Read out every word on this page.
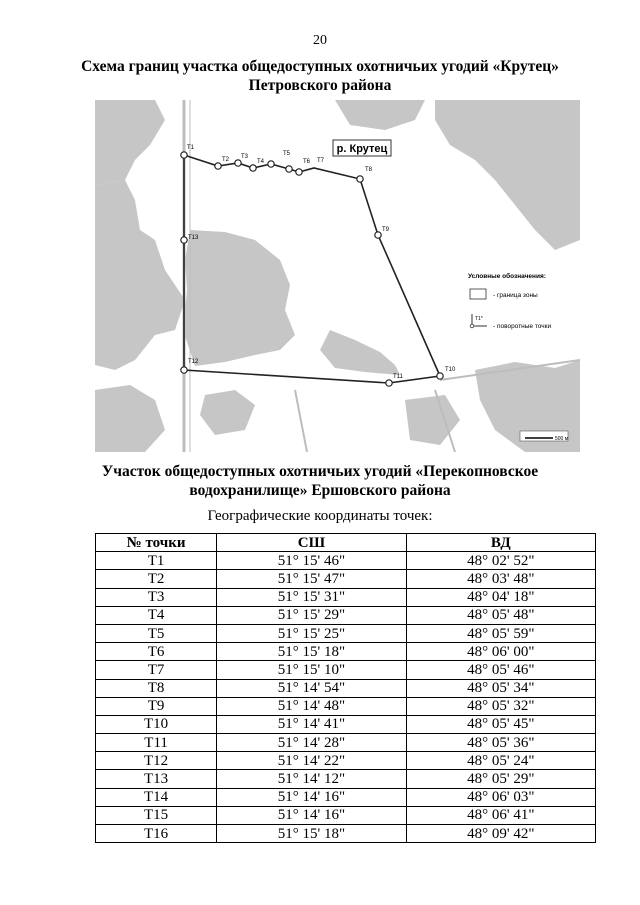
20
Схема границ участка общедоступных охотничьих угодий «Крутец»
Петровского района
Т1
Т2 Т3
Т4
Т5
Т6 Т7
Т8
Т9
Т10
Т11
Т12
Т13
р. Крутец
Условные обозначения:
- граница зоны
Т1*
- поворотные точки
500 м
Участок общедоступных охотничьих угодий «Перекопновское
водохранилище» Ершовского района
Географические координаты точек:
№ точки	СШ	ВД
Т1	51° 15' 46"	48° 02' 52"
Т2	51° 15' 47"	48° 03' 48"
Т3	51° 15' 31"	48° 04' 18"
Т4	51° 15' 29"	48° 05' 48"
Т5	51° 15' 25"	48° 05' 59"
Т6	51° 15' 18"	48° 06' 00"
Т7	51° 15' 10"	48° 05' 46"
Т8	51° 14' 54"	48° 05' 34"
Т9	51° 14' 48"	48° 05' 32"
Т10	51° 14' 41"	48° 05' 45"
Т11	51° 14' 28"	48° 05' 36"
Т12	51° 14' 22"	48° 05' 24"
Т13	51° 14' 12"	48° 05' 29"
Т14	51° 14' 16"	48° 06' 03"
Т15	51° 14' 16"	48° 06' 41"
Т16	51° 15' 18"	48° 09' 42"
